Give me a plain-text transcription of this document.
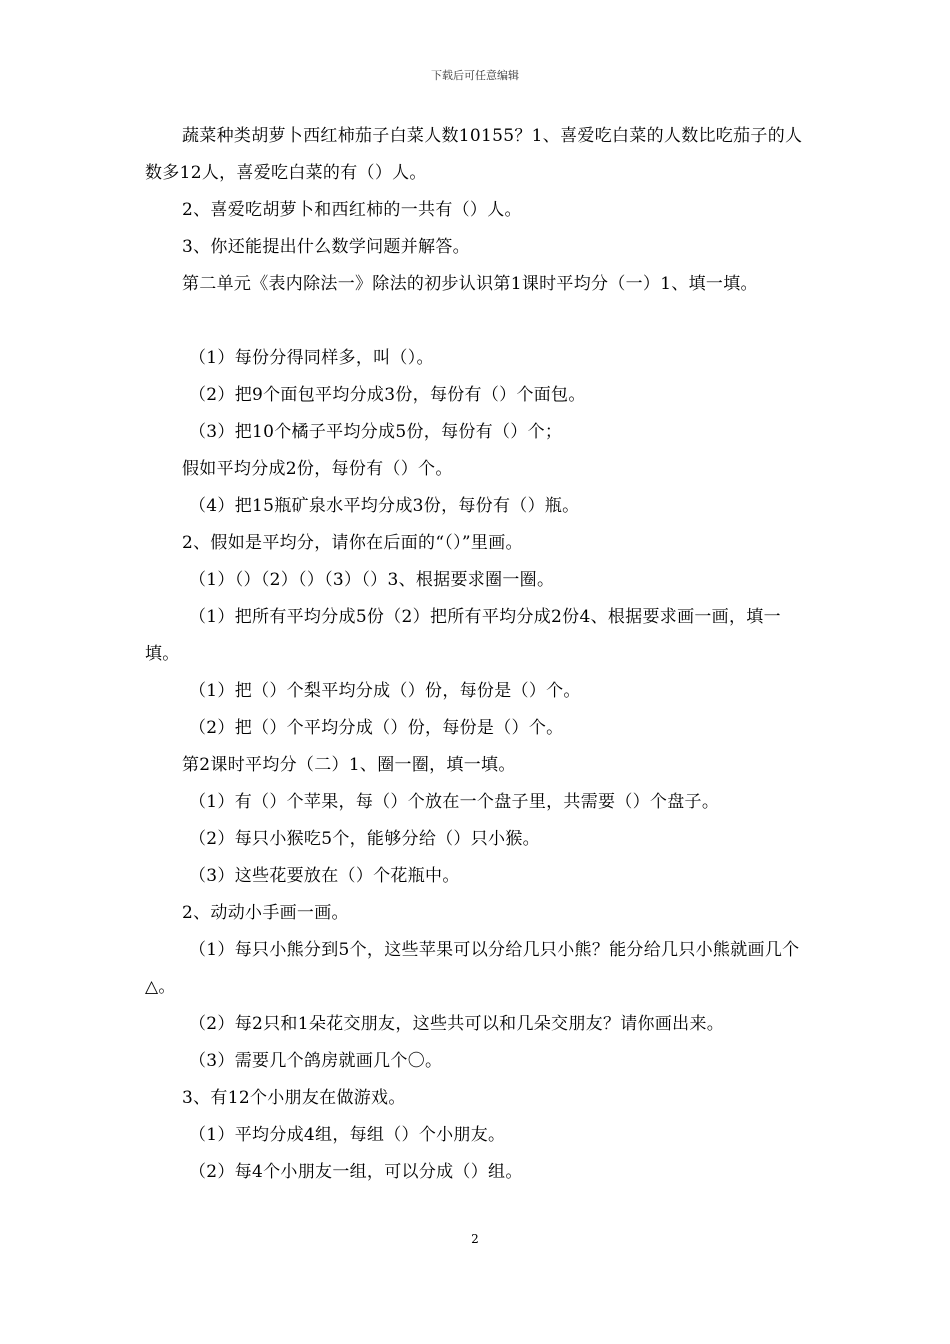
下载后可任意编辑

蔬菜种类胡萝卜西红柿茄子白菜人数10155？1、喜爱吃白菜的人数比吃茄子的人数多12人，喜爱吃白菜的有（）人。

2、喜爱吃胡萝卜和西红柿的一共有（）人。

3、你还能提出什么数学问题并解答。

第二单元《表内除法一》除法的初步认识第1课时平均分（一）1、填一填。

（1）每份分得同样多，叫（）。

（2）把9个面包平均分成3份，每份有（）个面包。

（3）把10个橘子平均分成5份，每份有（）个；

假如平均分成2份，每份有（）个。

（4）把15瓶矿泉水平均分成3份，每份有（）瓶。

2、假如是平均分，请你在后面的“（）”里画。

（1）（）（2）（）（3）（）3、根据要求圈一圈。

（1）把所有平均分成5份（2）把所有平均分成2份4、根据要求画一画，填一填。

（1）把（）个梨平均分成（）份，每份是（）个。

（2）把（）个平均分成（）份，每份是（）个。

第2课时平均分（二）1、圈一圈，填一填。

（1）有（）个苹果，每（）个放在一个盘子里，共需要（）个盘子。

（2）每只小猴吃5个，能够分给（）只小猴。

（3）这些花要放在（）个花瓶中。

2、动动小手画一画。

（1）每只小熊分到5个，这些苹果可以分给几只小熊？能分给几只小熊就画几个△。

（2）每2只和1朵花交朋友，这些共可以和几朵交朋友？请你画出来。

（3）需要几个鸽房就画几个〇。

3、有12个小朋友在做游戏。

（1）平均分成4组，每组（）个小朋友。

（2）每4个小朋友一组，可以分成（）组。

2
